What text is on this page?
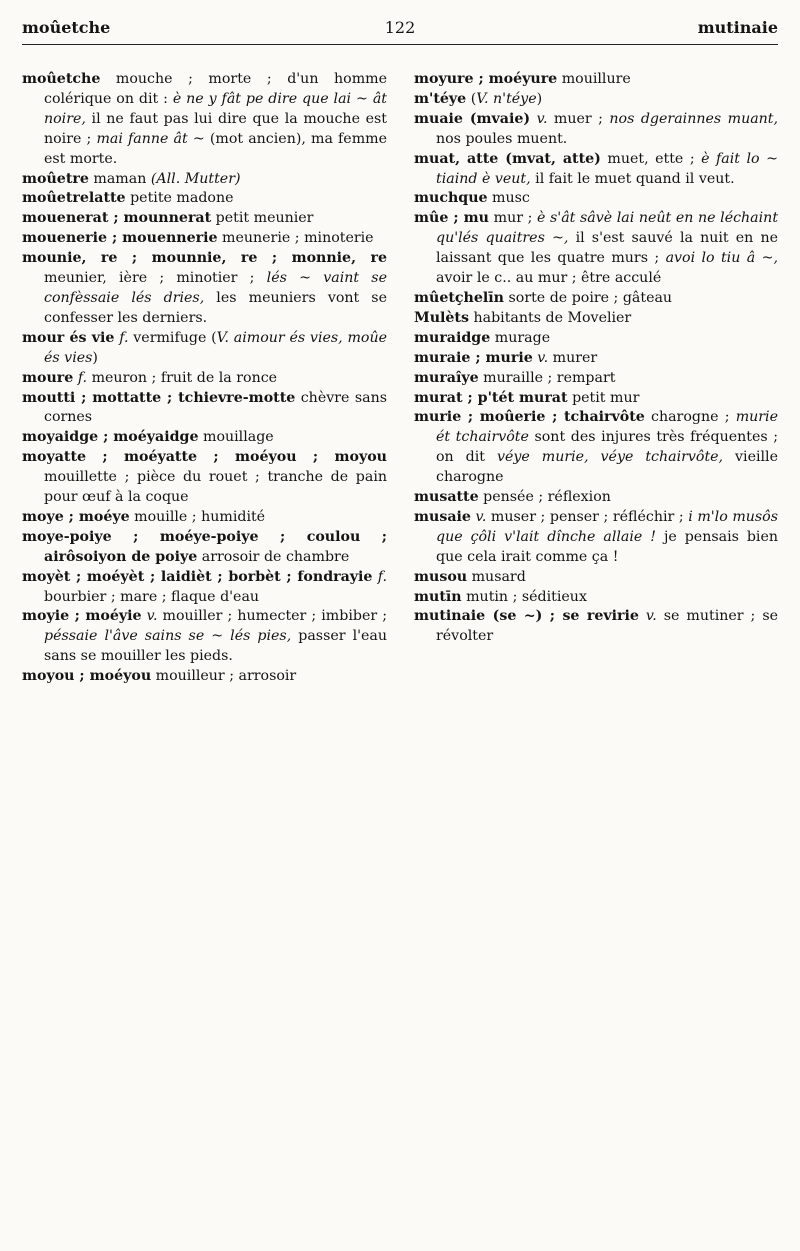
moûetche	122	mutinaie

moûetche mouche ; morte ; d'un homme colérique on dit : è ne y fât pe dire que lai ~ ât noire, il ne faut pas lui dire que la mouche est noire ; mai fanne ât ~ (mot ancien), ma femme est morte.

moûetre maman (All. Mutter)

moûetrelatte petite madone

mouenerat ; mounnerat petit meunier

mouenerie ; mouennerie meunerie ; minoterie

mounie, re ; mounnie, re ; monnie, re meunier, ière ; minotier ; lés ~ vaint se confèssaie lés dries, les meuniers vont se confesser les derniers.

mour és vie f. vermifuge (V. aimour és vies, moûe és vies)

moure f. meuron ; fruit de la ronce

moutti ; mottatte ; tchievre-motte chèvre sans cornes

moyaidge ; moéyaidge mouillage

moyatte ; moéyatte ; moéyou ; moyou mouillette ; pièce du rouet ; tranche de pain pour œuf à la coque

moye ; moéye mouille ; humidité

moye-poiye ; moéye-poiye ; coulou ; airôsoiyon de poiye arrosoir de chambre

moyèt ; moéyèt ; laidièt ; borbèt ; fondrayie f. bourbier ; mare ; flaque d'eau

moyie ; moéyie v. mouiller ; humecter ; imbiber ; péssaie l'âve sains se ~ lés pies, passer l'eau sans se mouiller les pieds.

moyou ; moéyou mouilleur ; arrosoir

moyure ; moéyure mouillure

m'téye (V. n'téye)

muaie (mvaie) v. muer ; nos dgerainnes muant, nos poules muent.

muat, atte (mvat, atte) muet, ette ; è fait lo ~ tiaind è veut, il fait le muet quand il veut.

muchque musc

mûe ; mu mur ; è s'ât sâvè lai neût en ne léchaint qu'lés quaitres ~, il s'est sauvé la nuit en ne laissant que les quatre murs ; avoi lo tiu â ~, avoir le c.. au mur ; être acculé

mûetçhelīn sorte de poire ; gâteau

Mulèts habitants de Movelier

muraidge murage

muraie ; murie v. murer

muraîye muraille ; rempart

murat ; p'tét murat petit mur

murie ; moûerie ; tchairvôte charogne ; murie ét tchairvôte sont des injures très fréquentes ; on dit véye murie, véye tchairvôte, vieille charogne

musatte pensée ; réflexion

musaie v. muser ; penser ; réfléchir ; i m'lo musôs que çôli v'lait dînche allaie ! je pensais bien que cela irait comme ça !

musou musard

mutīn mutin ; séditieux

mutinaie (se ~) ; se revirie v. se mutiner ; se révolter
